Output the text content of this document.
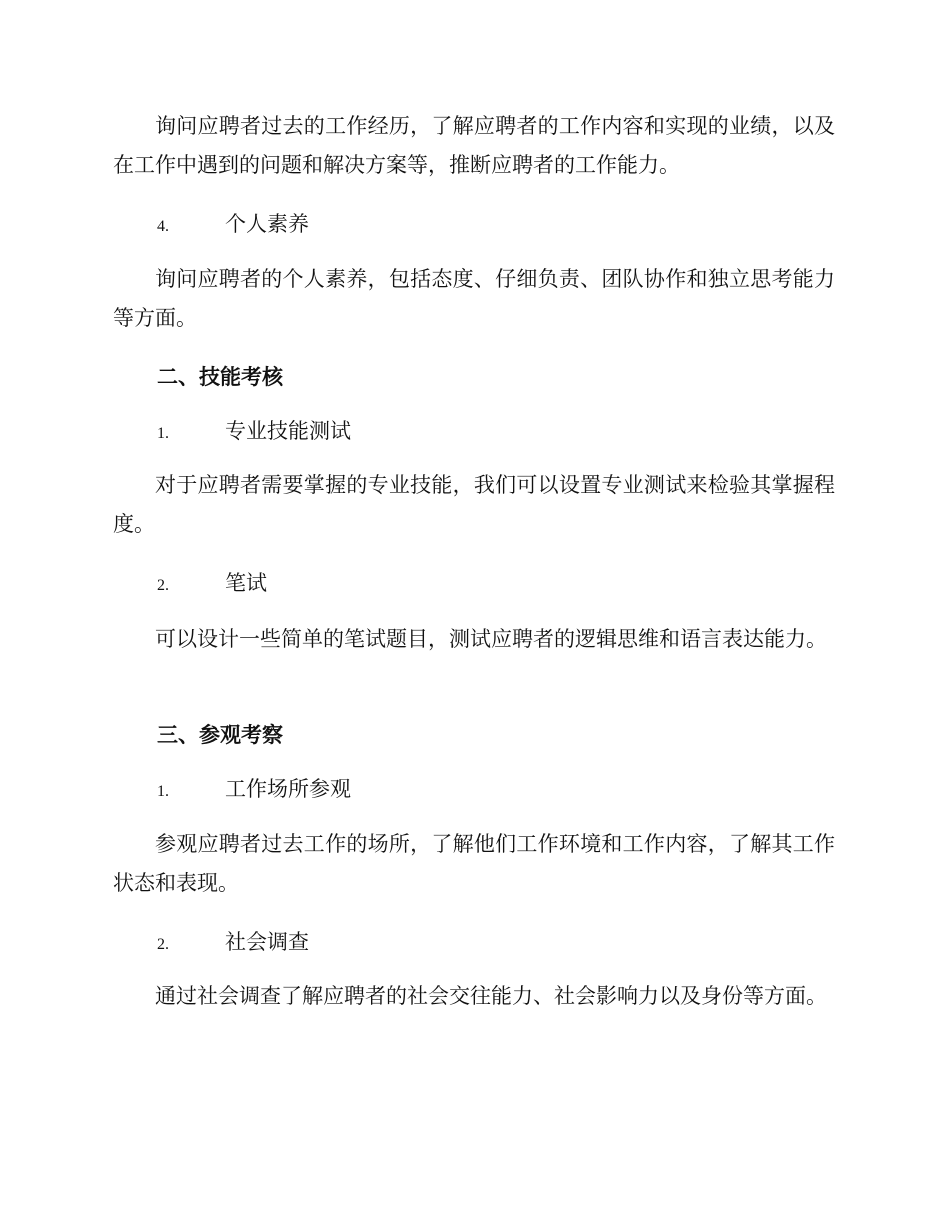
询问应聘者过去的工作经历，了解应聘者的工作内容和实现的业绩，以及在工作中遇到的问题和解决方案等，推断应聘者的工作能力。

4.	个人素养

询问应聘者的个人素养，包括态度、仔细负责、团队协作和独立思考能力等方面。

二、技能考核
1.	专业技能测试

对于应聘者需要掌握的专业技能，我们可以设置专业测试来检验其掌握程度。

2.	笔试

可以设计一些简单的笔试题目，测试应聘者的逻辑思维和语言表达能力。

三、参观考察
1.	工作场所参观

参观应聘者过去工作的场所，了解他们工作环境和工作内容，了解其工作状态和表现。

2.	社会调查

通过社会调查了解应聘者的社会交往能力、社会影响力以及身份等方面。
